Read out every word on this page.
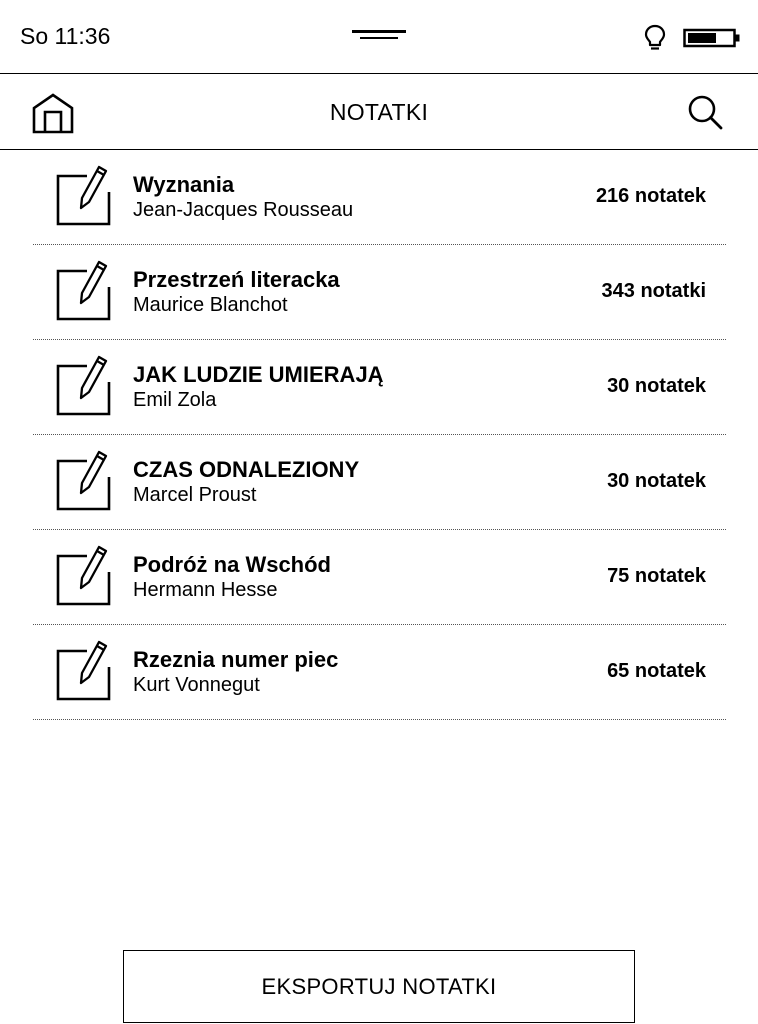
So 11:36
NOTATKI
Wyznania
Jean-Jacques Rousseau
216 notatek
Przestrzeń literacka
Maurice Blanchot
343 notatki
JAK LUDZIE UMIERAJĄ
Emil Zola
30 notatek
CZAS ODNALEZIONY
Marcel Proust
30 notatek
Podróż na Wschód
Hermann Hesse
75 notatek
Rzeznia numer piec
Kurt Vonnegut
65 notatek
EKSPORTUJ NOTATKI
